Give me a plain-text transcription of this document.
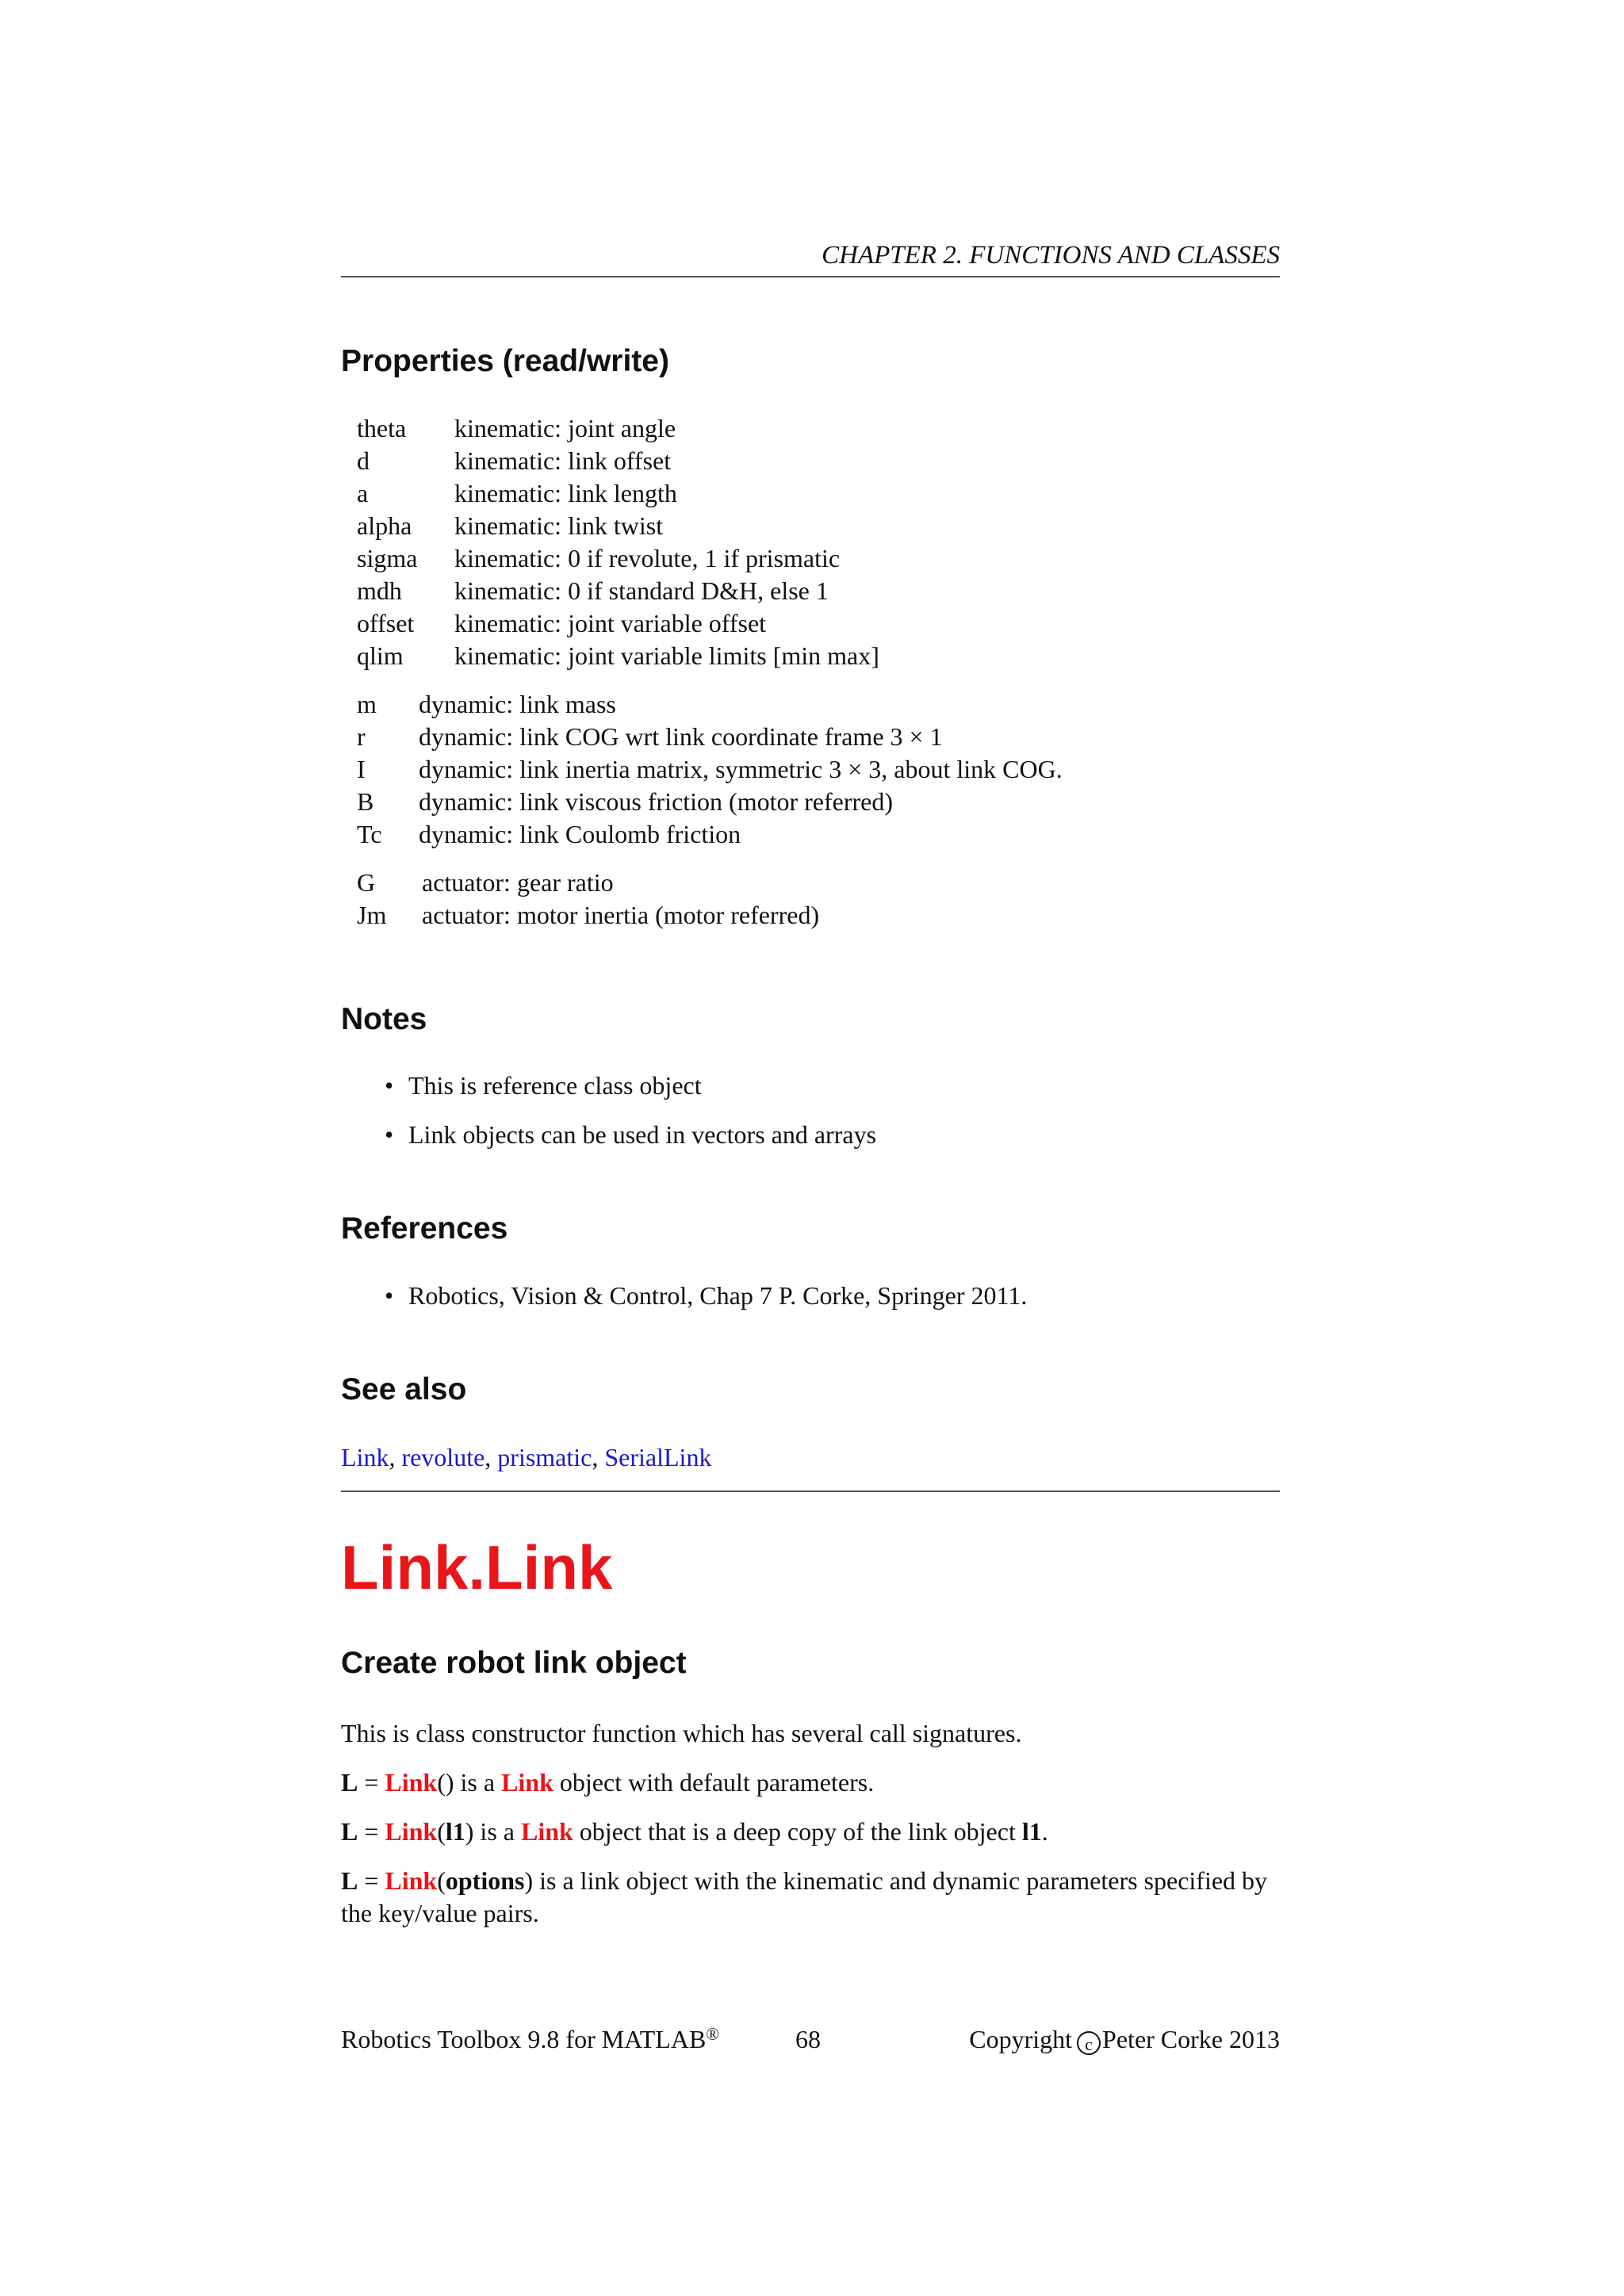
CHAPTER 2. FUNCTIONS AND CLASSES
Properties (read/write)
theta	kinematic: joint angle
d	kinematic: link offset
a	kinematic: link length
alpha	kinematic: link twist
sigma	kinematic: 0 if revolute, 1 if prismatic
mdh	kinematic: 0 if standard D&H, else 1
offset	kinematic: joint variable offset
qlim	kinematic: joint variable limits [min max]
m	dynamic: link mass
r	dynamic: link COG wrt link coordinate frame 3 × 1
I	dynamic: link inertia matrix, symmetric 3 × 3, about link COG.
B	dynamic: link viscous friction (motor referred)
Tc	dynamic: link Coulomb friction
G	actuator: gear ratio
Jm	actuator: motor inertia (motor referred)
Notes
• This is reference class object
• Link objects can be used in vectors and arrays
References
• Robotics, Vision & Control, Chap 7 P. Corke, Springer 2011.
See also
Link, revolute, prismatic, SerialLink
Link.Link
Create robot link object
This is class constructor function which has several call signatures.
L = Link() is a Link object with default parameters.
L = Link(l1) is a Link object that is a deep copy of the link object l1.
L = Link(options) is a link object with the kinematic and dynamic parameters specified by the key/value pairs.
Robotics Toolbox 9.8 for MATLAB®	68	Copyright c Peter Corke 2013
